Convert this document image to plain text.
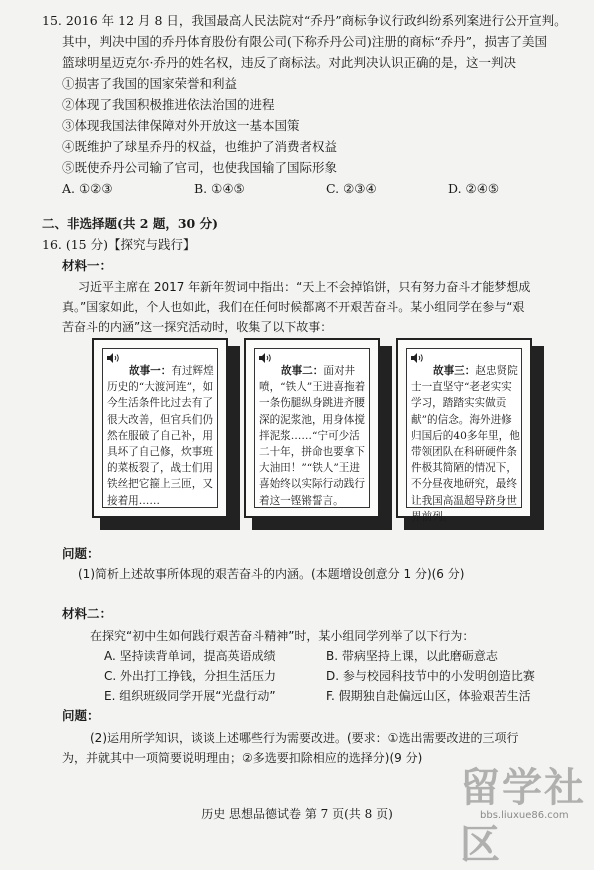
15. 2016 年 12 月 8 日，我国最高人民法院对“乔丹”商标争议行政纠纷系列案进行公开宣判。
其中，判决中国的乔丹体育股份有限公司(下称乔丹公司)注册的商标“乔丹”，损害了美国
篮球明星迈克尔·乔丹的姓名权，违反了商标法。对此判决认识正确的是，这一判决
①损害了我国的国家荣誉和利益
②体现了我国积极推进依法治国的进程
③体现我国法律保障对外开放这一基本国策
④既维护了球星乔丹的权益，也维护了消费者权益
⑤既使乔丹公司输了官司，也使我国输了国际形象
A. ①②③	B. ①④⑤	C. ②③④	D. ②④⑤
二、非选择题(共 2 题，30 分)
16. (15 分)【探究与践行】
材料一：
习近平主席在 2017 年新年贺词中指出：“天上不会掉馅饼，只有努力奋斗才能梦想成
真。”国家如此，个人也如此，我们在任何时候都离不开艰苦奋斗。某小组同学在参与“艰
苦奋斗的内涵”这一探究活动时，收集了以下故事：
故事一：有过辉煌历史的“大渡河连”，如今生活条件比过去有了很大改善，但官兵们仍然在服破了自己补，用具坏了自己修，炊事班的菜板裂了，战士们用铁丝把它箍上三匝，又接着用……
故事二：面对井喷，“铁人”王进喜拖着一条伤腿纵身跳进齐腰深的泥浆池，用身体搅拌泥浆……“宁可少活二十年，拼命也要拿下大油田！”“铁人”王进喜始终以实际行动践行着这一铿锵誓言。
故事三：赵忠贤院士一直坚守“老老实实学习，踏踏实实做贡献”的信念。海外进修归国后的40多年里，他带领团队在科研硬件条件极其简陋的情况下，不分昼夜地研究，最终让我国高温超导跻身世界前列。
问题：
(1)简析上述故事所体现的艰苦奋斗的内涵。(本题增设创意分 1 分)(6 分)
材料二：
在探究“初中生如何践行艰苦奋斗精神”时，某小组同学列举了以下行为：
A. 坚持读背单词，提高英语成绩	B. 带病坚持上课，以此磨砺意志
C. 外出打工挣钱，分担生活压力	D. 参与校园科技节中的小发明创造比赛
E. 组织班级同学开展“光盘行动”	F. 假期独自赴偏远山区，体验艰苦生活
问题：
(2)运用所学知识，谈谈上述哪些行为需要改进。(要求：①选出需要改进的三项行
为，并就其中一项简要说明理由；②多选要扣除相应的选择分)(9 分)
历史 思想品德试卷 第 7 页(共 8 页)
留学社区
bbs.liuxue86.com
